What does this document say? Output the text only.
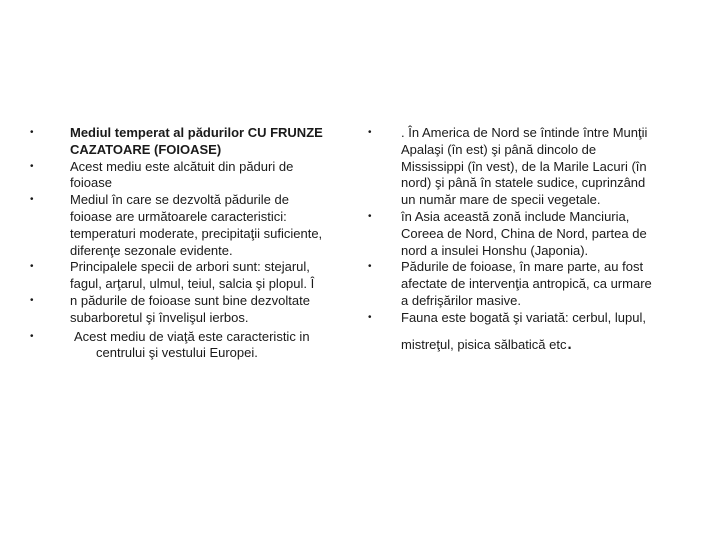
•	Mediul temperat al pădurilor CU FRUNZE
CAZATOARE (FOIOASE)
•	Acest mediu este alcătuit din păduri de
foioase
•	Mediul în care se dezvoltă pădurile de
foioase are următoarele caracteristici:
temperaturi moderate, precipitaţii suficiente,
diferenţe sezonale evidente.
•	Principalele specii de arbori sunt: stejarul,
fagul, arţarul, ulmul, teiul, salcia şi plopul. Î
•	n pădurile de foioase sunt bine dezvoltate
subarboretul şi învelişul ierbos.
•	Acest mediu de viaţă este caracteristic in
centrului şi vestului Europei.
• . În America de Nord se întinde între Munţii
Apalaşi (în est) şi până dincolo de
Mississippi (în vest), de la Marile Lacuri (în
nord) şi până în statele sudice, cuprinzând
un număr mare de specii vegetale.
• în Asia această zonă include Manciuria,
Coreea de Nord, China de Nord, partea de
nord a insulei Honshu (Japonia).
• Pădurile de foioase, în mare parte, au fost
afectate de intervenţia antropică, ca urmare
a defrişărilor masive.
• Fauna este bogată şi variată: cerbul, lupul,
mistreţul, pisica sălbatică etc.
